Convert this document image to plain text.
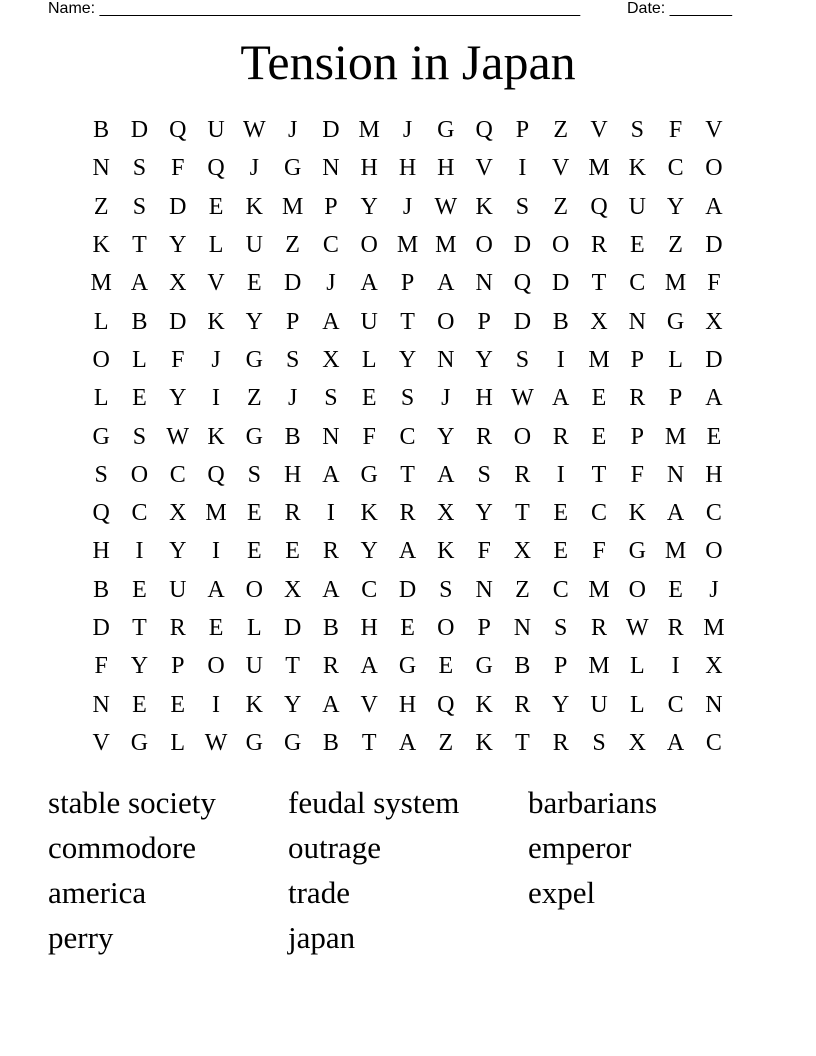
Name: ______________________________________________________	Date: _______
Tension in Japan
B D Q U W J	D M J	G Q P	Z V S	F V
N S	F Q	J	G N H H H V	I	V M K C O
Z	S D E K M P Y	J W K S	Z Q U Y A
K T Y L U Z C O M M O D O R E Z D
M A X V E D	J	A P A N Q D T C M F
L B D K Y P A U T O P D B X N G X
O L	F	J	G S X L Y N Y S	I M P	L D
L E Y	I	Z	J	S	E	S	J	H W A E R P A
G S W K G B N F C Y R O R E	P M E
S O C Q S H A G T A S R	I	T	F N H
Q C X M E R	I	K R X Y T E C K A C
H	I	Y	I	E E R Y A K F X E	F G M O
B E U A O X A C D S N Z C M O E	J
D T R E L D B H E O P N S R W R M
F Y P O U T R A G E G B P M L	I	X
N E E	I	K Y A V H Q K R Y U L C N
V G L W G G B T A Z K T R S X A C
stable society	feudal system	barbarians
commodore	outrage	emperor
america	trade	expel
perry	japan
